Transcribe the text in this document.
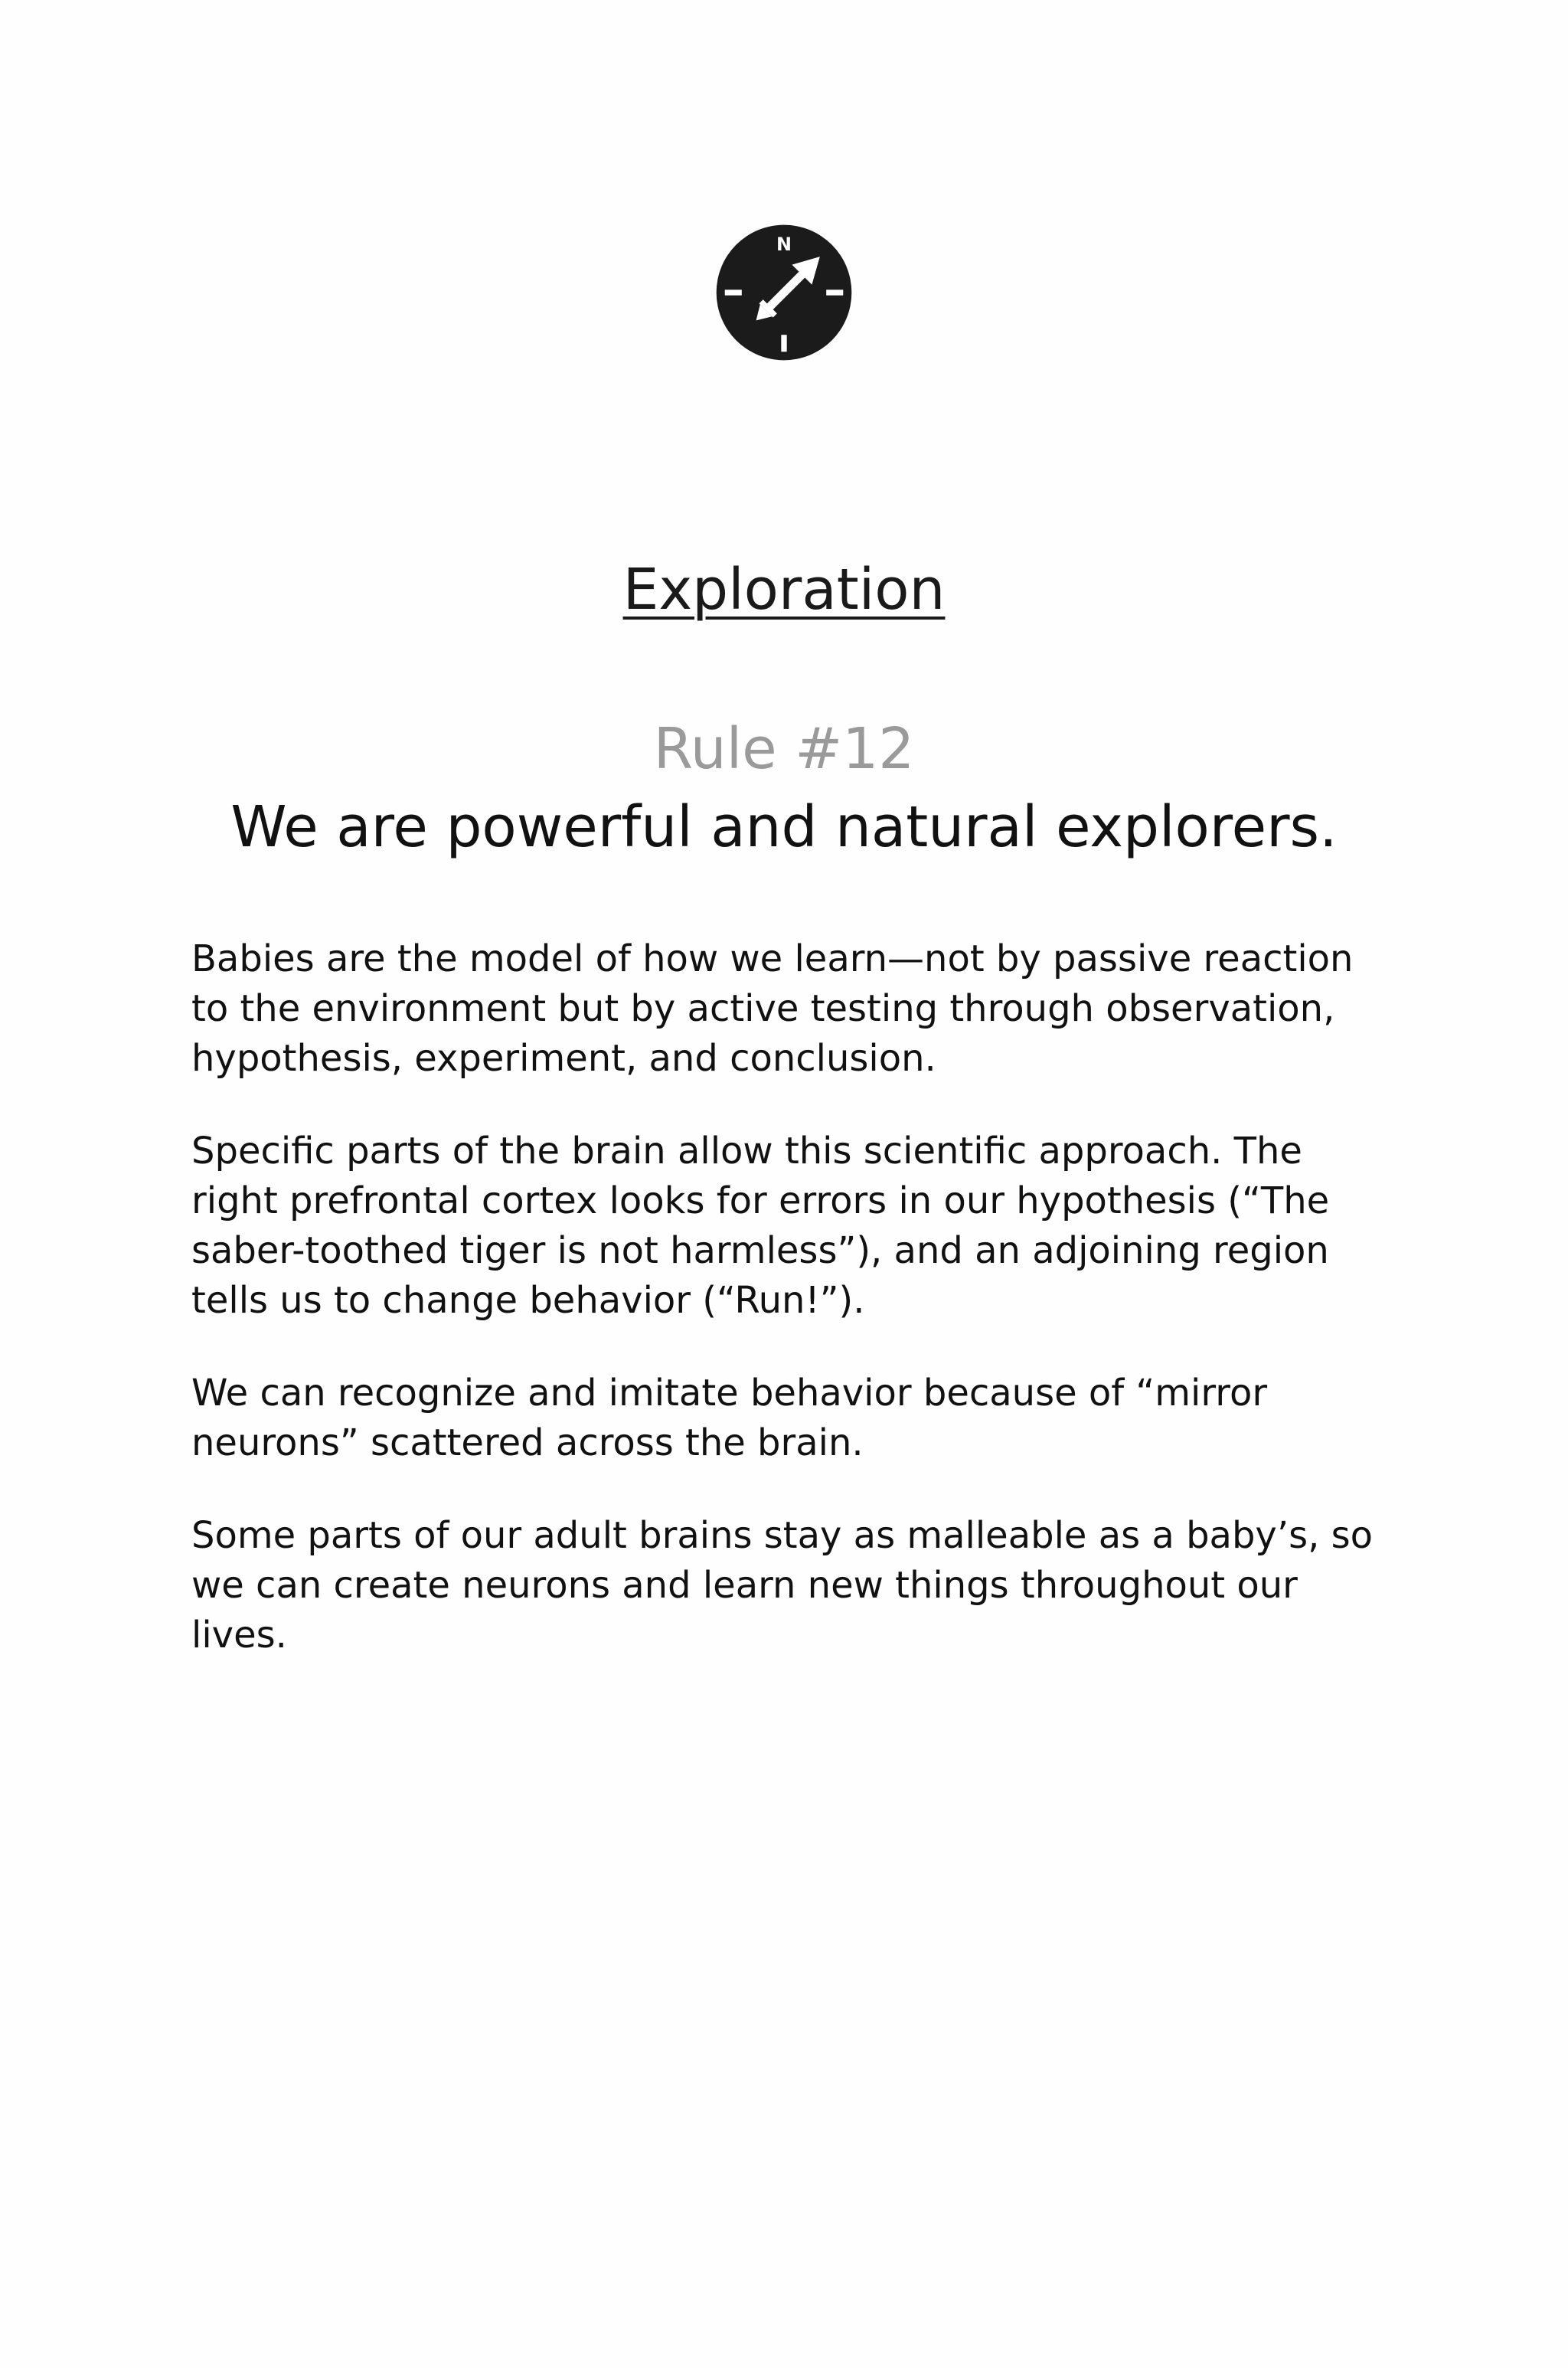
N
Exploration
Rule #12
We are powerful and natural explorers.

Babies are the model of how we learn—not by passive reaction to the environment but by active testing through observation, hypothesis, experiment, and conclusion.

Specific parts of the brain allow this scientific approach. The right prefrontal cortex looks for errors in our hypothesis (“The saber-toothed tiger is not harmless”), and an adjoining region tells us to change behavior (“Run!”).

We can recognize and imitate behavior because of “mirror neurons” scattered across the brain.

Some parts of our adult brains stay as malleable as a baby’s, so we can create neurons and learn new things throughout our lives.
